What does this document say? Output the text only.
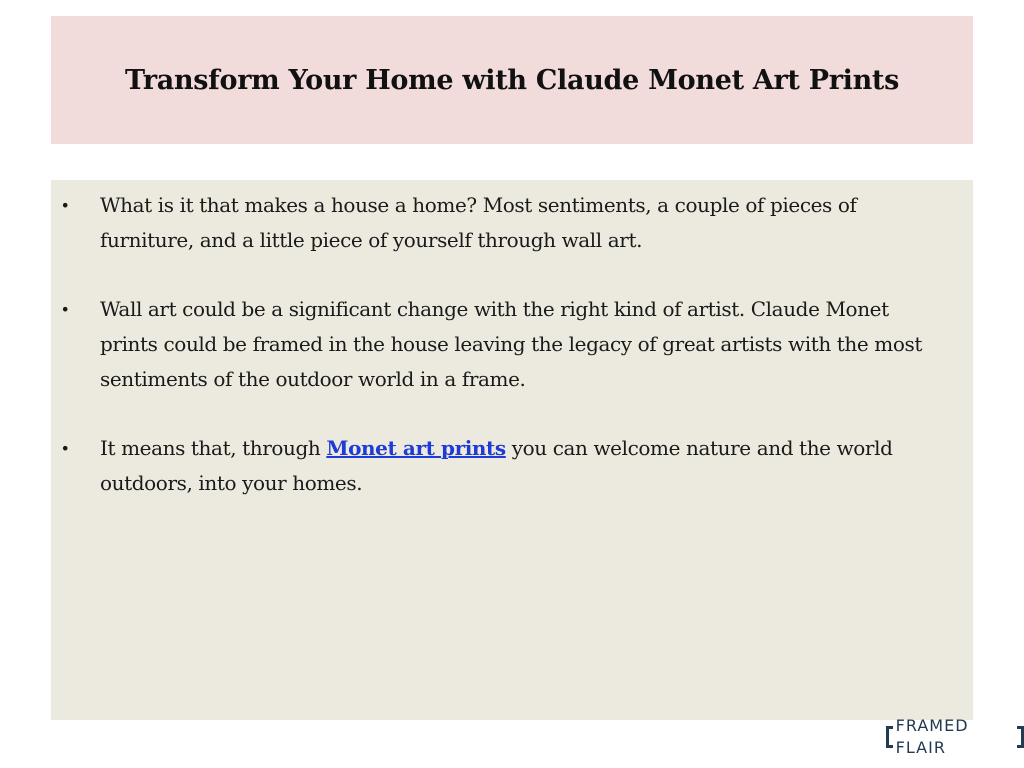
Transform Your Home with Claude Monet Art Prints
• What is it that makes a house a home? Most sentiments, a couple of pieces of furniture, and a little piece of yourself through wall art.
• Wall art could be a significant change with the right kind of artist. Claude Monet prints could be framed in the house leaving the legacy of great artists with the most sentiments of the outdoor world in a frame.
• It means that, through Monet art prints you can welcome nature and the world outdoors, into your homes.
FRAMED FLAIR
